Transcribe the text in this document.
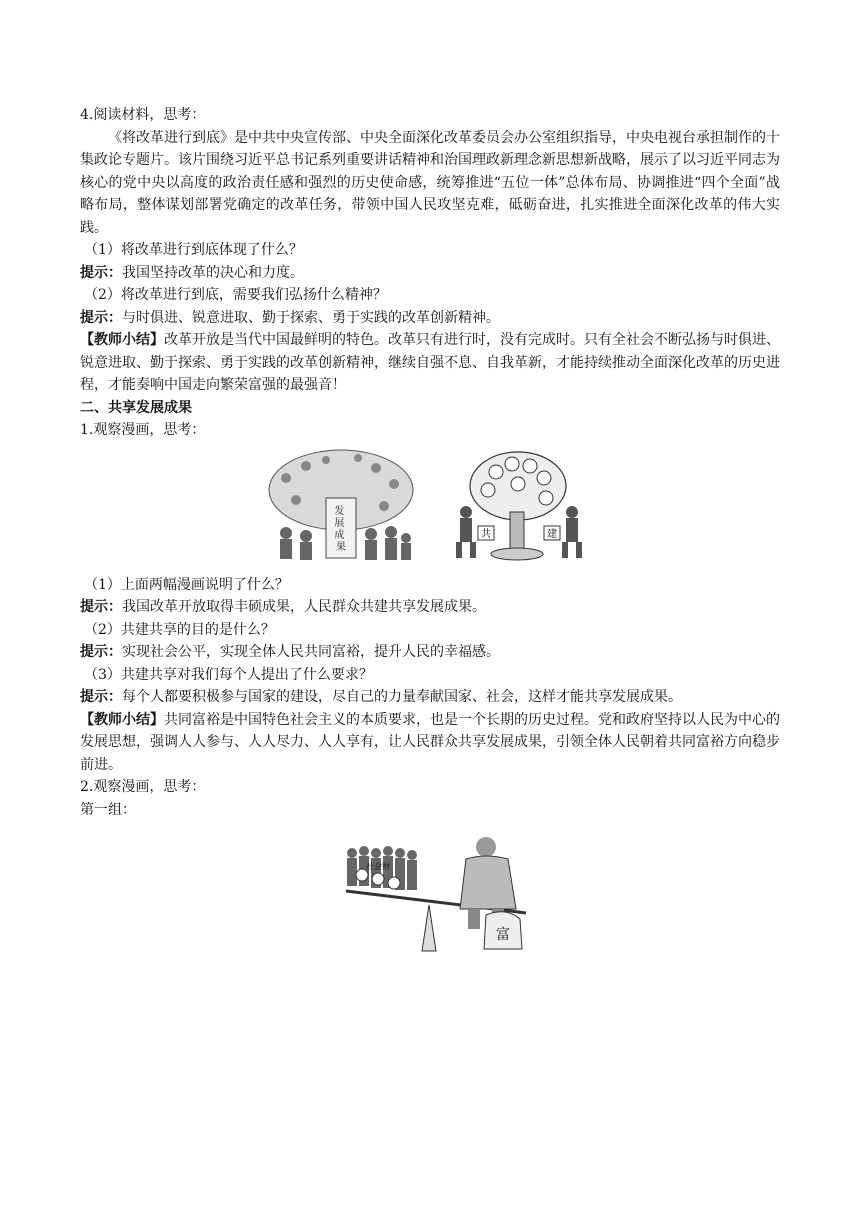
4.阅读材料，思考：

《将改革进行到底》是中共中央宣传部、中央全面深化改革委员会办公室组织指导，中央电视台承担制作的十集政论专题片。该片围绕习近平总书记系列重要讲话精神和治国理政新理念新思想新战略，展示了以习近平同志为核心的党中央以高度的政治责任感和强烈的历史使命感，统筹推进“五位一体”总体布局、协调推进“四个全面”战略布局，整体谋划部署党确定的改革任务，带领中国人民攻坚克难，砥砺奋进，扎实推进全面深化改革的伟大实践。

（1）将改革进行到底体现了什么？

提示：我国坚持改革的决心和力度。

（2）将改革进行到底，需要我们弘扬什么精神？

提示：与时俱进、锐意进取、勤于探索、勇于实践的改革创新精神。

【教师小结】改革开放是当代中国最鲜明的特色。改革只有进行时，没有完成时。只有全社会不断弘扬与时俱进、锐意进取、勤于探索、勇于实践的改革创新精神，继续自强不息、自我革新，才能持续推动全面深化改革的历史进程，才能奏响中国走向繁荣富强的最强音！

二、共享发展成果

1.观察漫画，思考：

发 展 成 果
共	建

（1）上面两幅漫画说明了什么？

提示：我国改革开放取得丰硕成果，人民群众共建共享发展成果。

（2）共建共享的目的是什么？

提示：实现社会公平，实现全体人民共同富裕，提升人民的幸福感。

（3）共建共享对我们每个人提出了什么要求？

提示：每个人都要积极参与国家的建设，尽自己的力量奉献国家、社会，这样才能共享发展成果。

【教师小结】共同富裕是中国特色社会主义的本质要求，也是一个长期的历史过程。党和政府坚持以人民为中心的发展思想，强调人人参与、人人尽力、人人享有，让人民群众共享发展成果，引领全体人民朝着共同富裕方向稳步前进。

2.观察漫画，思考：

第一组：

社会财
富
